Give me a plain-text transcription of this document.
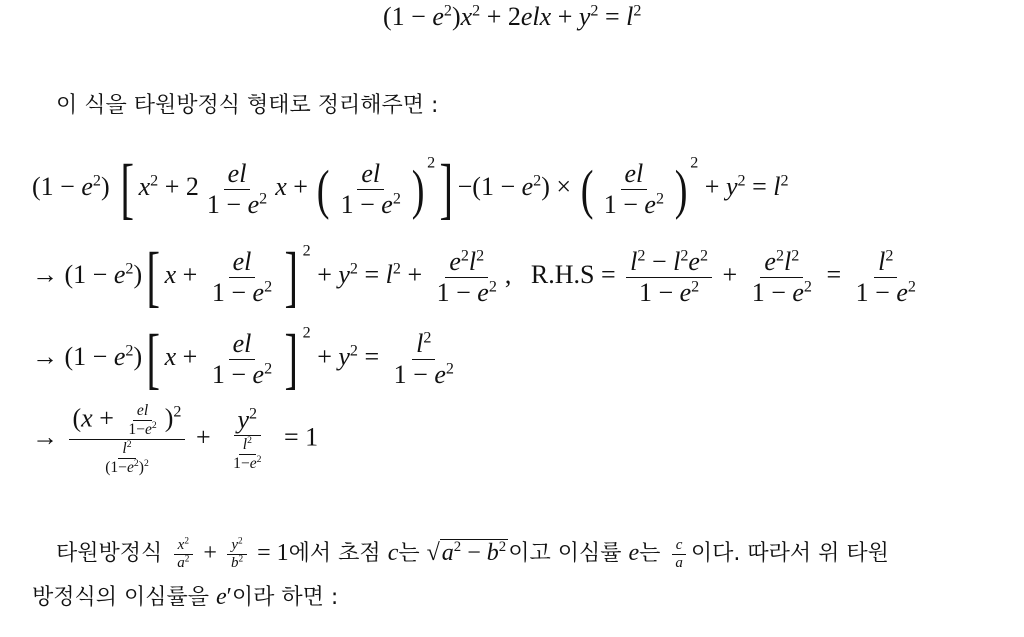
$(1 - e^2)x^2 + 2elx + y^2 = l^2$
이 식을 타원방정식 형태로 정리해주면 :
$(1 - e^2)$ [ $x^2 + 2 \frac{el}{1 - e^2}$ x + ( $\frac{el}{1 - e^2}$ ) $^2] -(1 - e^2)$ × ( $\frac{el}{1 - e^2}$ ) $^2 + y^2 = l^2$
→ $(1 - e^2)$[ $x + \frac{el}{1 - e^2}$ ] $^2 + y^2 = l^2 + \frac{e^2l^2}{1 - e^2}$ ,   $R.H.S = \frac{l^2 - l^2e^2}{1 - e^2} + \frac{e^2l^2}{1 - e^2} = \frac{l^2}{1 - e^2}$
→ $(1 - e^2)$[ $x + \frac{el}{1 - e^2}$ ] $^2 + y^2 = \frac{l^2}{1 - e^2}$
→ $\frac{(x + \frac{el}{1-e^2} )^2}{\frac{l^2}{(1-e^2)^2}} + \frac{y^2}{\frac{l^2}{1-e^2}} = 1$
타원방정식 $\frac{x^2}{a^2} + \frac{y^2}{b^2} = 1$에서 초점 c는 $√a^2 - b^2$이고 이심률 e는 $\frac{c}{a}$ 이다. 따라서 위 타원
방정식의 이심률을 e′이라 하면 :
